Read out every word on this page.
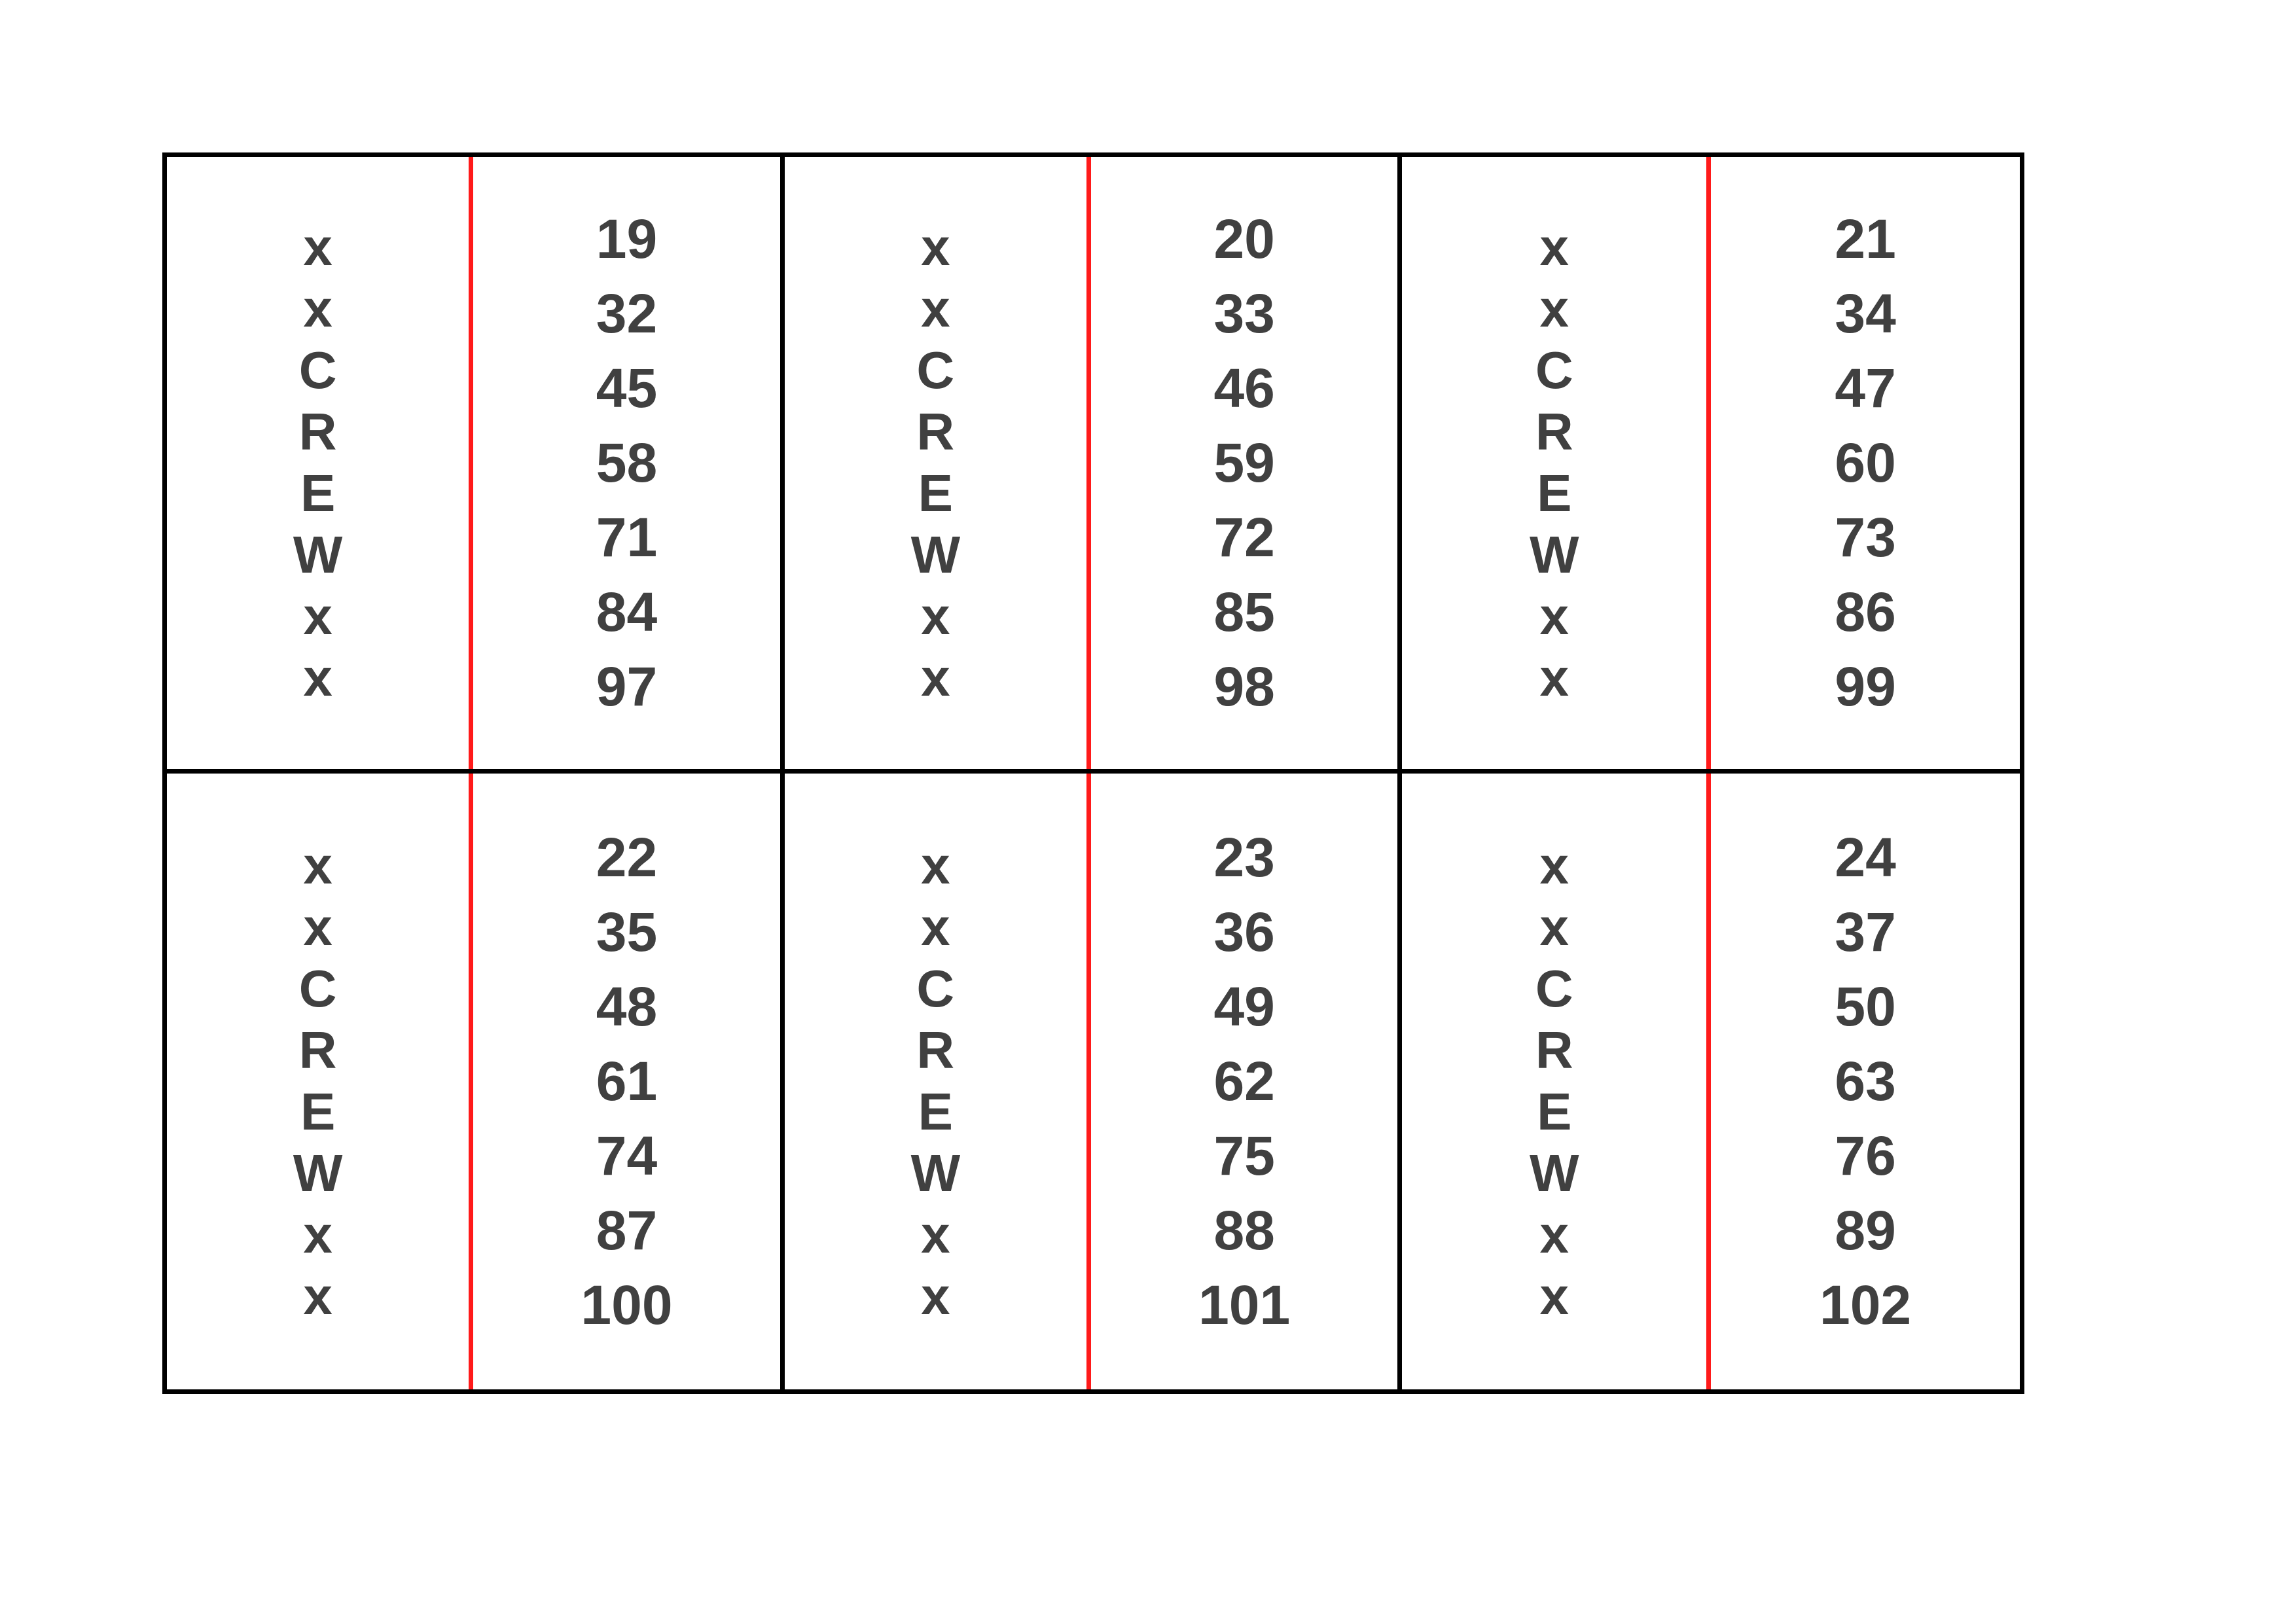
x
x
C
R
E
W
x
x
19
32
45
58
71
84
97
x
x
C
R
E
W
x
x
20
33
46
59
72
85
98
x
x
C
R
E
W
x
x
21
34
47
60
73
86
99
x
x
C
R
E
W
x
x
22
35
48
61
74
87
100
x
x
C
R
E
W
x
x
23
36
49
62
75
88
101
x
x
C
R
E
W
x
x
24
37
50
63
76
89
102
